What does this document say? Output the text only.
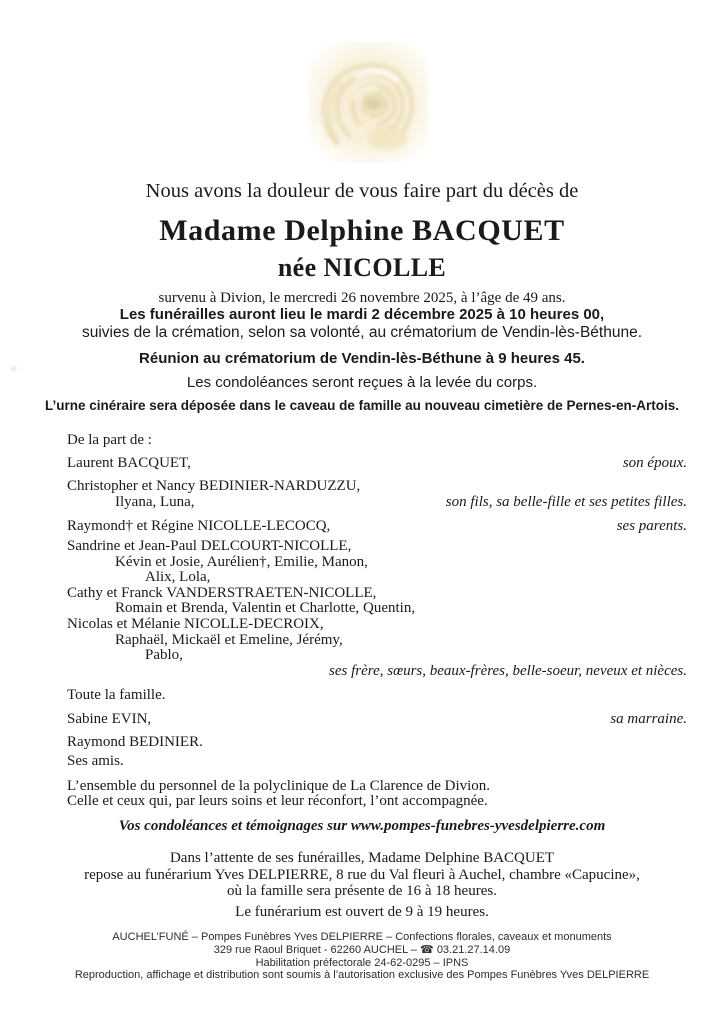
Nous avons la douleur de vous faire part du décès de
Madame Delphine BACQUET
née NICOLLE
survenu à Divion, le mercredi 26 novembre 2025, à l’âge de 49 ans.
Les funérailles auront lieu le mardi 2 décembre 2025 à 10 heures 00,
suivies de la crémation, selon sa volonté, au crématorium de Vendin-lès-Béthune.
Réunion au crématorium de Vendin-lès-Béthune à 9 heures 45.
Les condoléances seront reçues à la levée du corps.
L’urne cinéraire sera déposée dans le caveau de famille au nouveau cimetière de Pernes-en-Artois.
De la part de :
Laurent BACQUET,	son époux.
Christopher et Nancy BEDINIER-NARDUZZU,
Ilyana, Luna,	son fils, sa belle-fille et ses petites filles.
Raymond† et Régine NICOLLE-LECOCQ,	ses parents.
Sandrine et Jean-Paul DELCOURT-NICOLLE,
Kévin et Josie, Aurélien†, Emilie, Manon,
Alix, Lola,
Cathy et Franck VANDERSTRAETEN-NICOLLE,
Romain et Brenda, Valentin et Charlotte, Quentin,
Nicolas et Mélanie NICOLLE-DECROIX,
Raphaël, Mickaël et Emeline, Jérémy,
Pablo,
ses frère, sœurs, beaux-frères, belle-soeur, neveux et nièces.
Toute la famille.
Sabine EVIN,	sa marraine.
Raymond BEDINIER.
Ses amis.
L’ensemble du personnel de la polyclinique de La Clarence de Divion.
Celle et ceux qui, par leurs soins et leur réconfort, l’ont accompagnée.
Vos condoléances et témoignages sur www.pompes-funebres-yvesdelpierre.com
Dans l’attente de ses funérailles, Madame Delphine BACQUET
repose au funérarium Yves DELPIERRE, 8 rue du Val fleuri à Auchel, chambre «Capucine»,
où la famille sera présente de 16 à 18 heures.
Le funérarium est ouvert de 9 à 19 heures.
AUCHEL’FUNÉ – Pompes Funèbres Yves DELPIERRE – Confections florales, caveaux et monuments
329 rue Raoul Briquet - 62260 AUCHEL – ☎ 03.21.27.14.09
Habilitation préfectorale 24-62-0295 – IPNS
Reproduction, affichage et distribution sont soumis à l’autorisation exclusive des Pompes Funèbres Yves DELPIERRE
